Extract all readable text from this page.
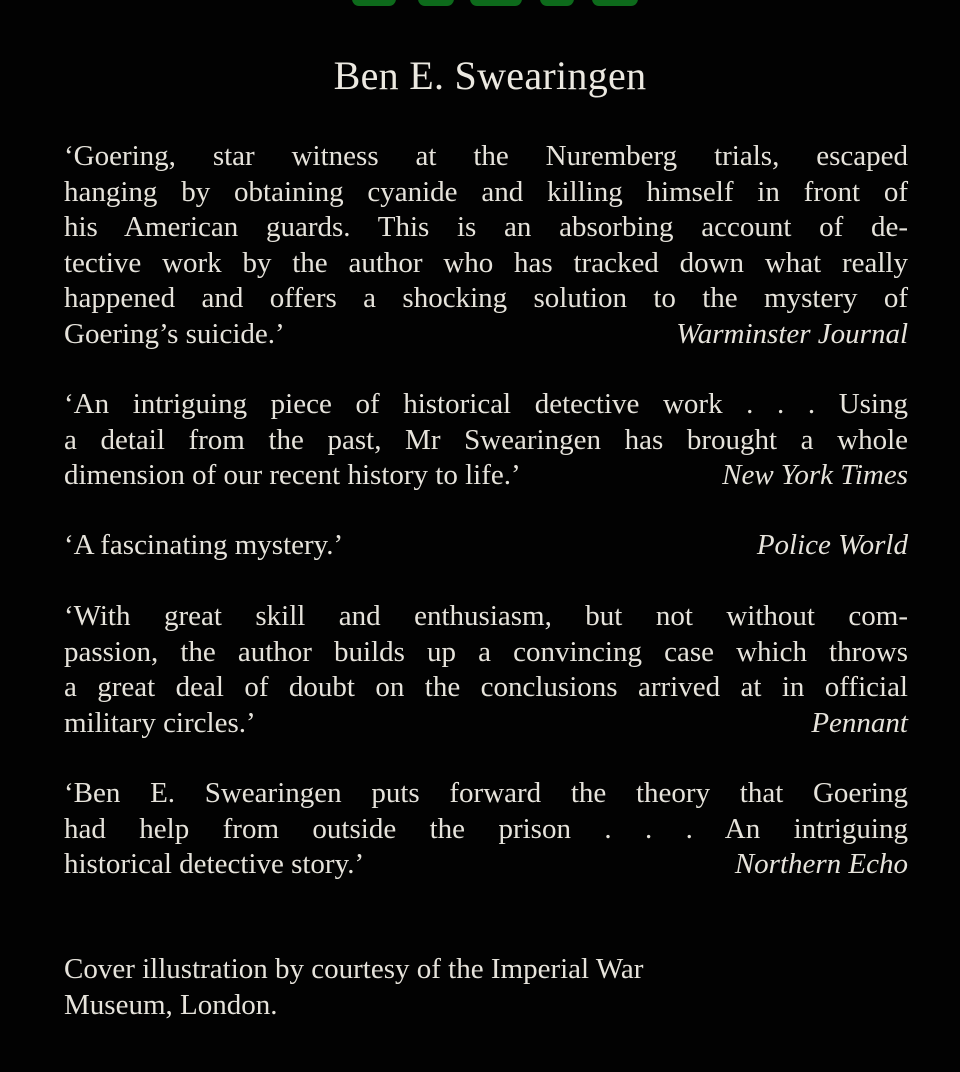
Ben E. Swearingen
‘Goering, star witness at the Nuremberg trials, escaped
hanging by obtaining cyanide and killing himself in front of
his American guards. This is an absorbing account of de-
tective work by the author who has tracked down what really
happened and offers a shocking solution to the mystery of
Goering’s suicide.’	Warminster Journal
‘An intriguing piece of historical detective work . . . Using
a detail from the past, Mr Swearingen has brought a whole
dimension of our recent history to life.’	New York Times
‘A fascinating mystery.’	Police World
‘With great skill and enthusiasm, but not without com-
passion, the author builds up a convincing case which throws
a great deal of doubt on the conclusions arrived at in official
military circles.’	Pennant
‘Ben E. Swearingen puts forward the theory that Goering
had help from outside the prison . . . An intriguing
historical detective story.’	Northern Echo
Cover illustration by courtesy of the Imperial War
Museum, London.
